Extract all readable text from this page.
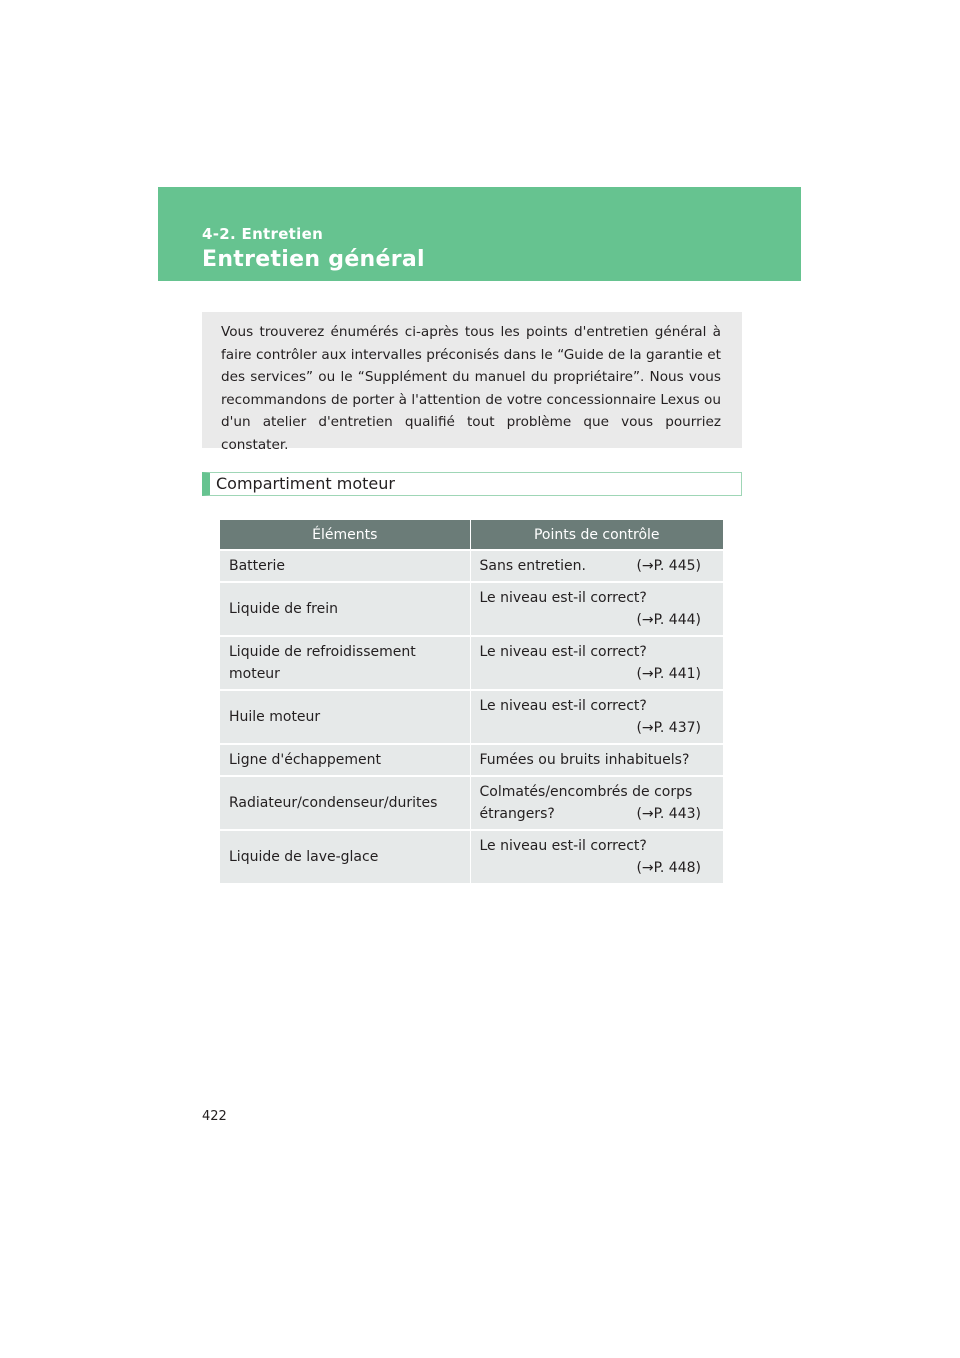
4-2. Entretien
Entretien général
Vous trouverez énumérés ci-après tous les points d'entretien général à faire contrôler aux intervalles préconisés dans le “Guide de la garantie et des services” ou le “Supplément du manuel du propriétaire”. Nous vous recommandons de porter à l'attention de votre concessionnaire Lexus ou d'un atelier d'entretien qualifié tout problème que vous pourriez constater.
Compartiment moteur
Éléments	Points de contrôle
Batterie	Sans entretien. (→P. 445)

Liquide de frein	Le niveau est-il correct?
(→P. 444)

Liquide de refroidissement moteur	Le niveau est-il correct?
(→P. 441)

Huile moteur	Le niveau est-il correct?
(→P. 437)

Ligne d'échappement	Fumées ou bruits inhabituels?

Radiateur/condenseur/durites	Colmatés/encombrés de corps
étrangers? (→P. 443)

Liquide de lave-glace	Le niveau est-il correct?
(→P. 448)
422
